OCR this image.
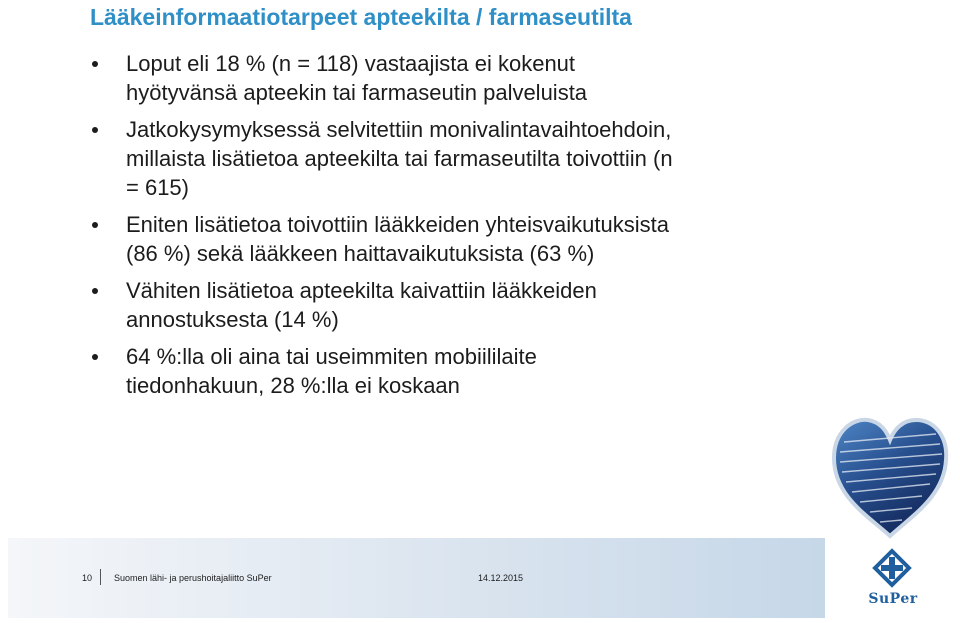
Lääkeinformaatiotarpeet apteekilta / farmaseutilta
Loput eli 18 % (n = 118) vastaajista ei kokenut
hyötyvänsä apteekin tai farmaseutin palveluista
Jatkokysymyksessä selvitettiin monivalintavaihtoehdoin,
millaista lisätietoa apteekilta tai farmaseutilta toivottiin (n
= 615)
Eniten lisätietoa toivottiin lääkkeiden yhteisvaikutuksista
(86 %) sekä lääkkeen haittavaikutuksista (63 %)
Vähiten lisätietoa apteekilta kaivattiin lääkkeiden
annostuksesta (14 %)
64 %:lla oli aina tai useimmiten mobiililaite
tiedonhakuun, 28 %:lla ei koskaan
10 Suomen lähi- ja perushoitajaliitto SuPer	14.12.2015
SuPer
